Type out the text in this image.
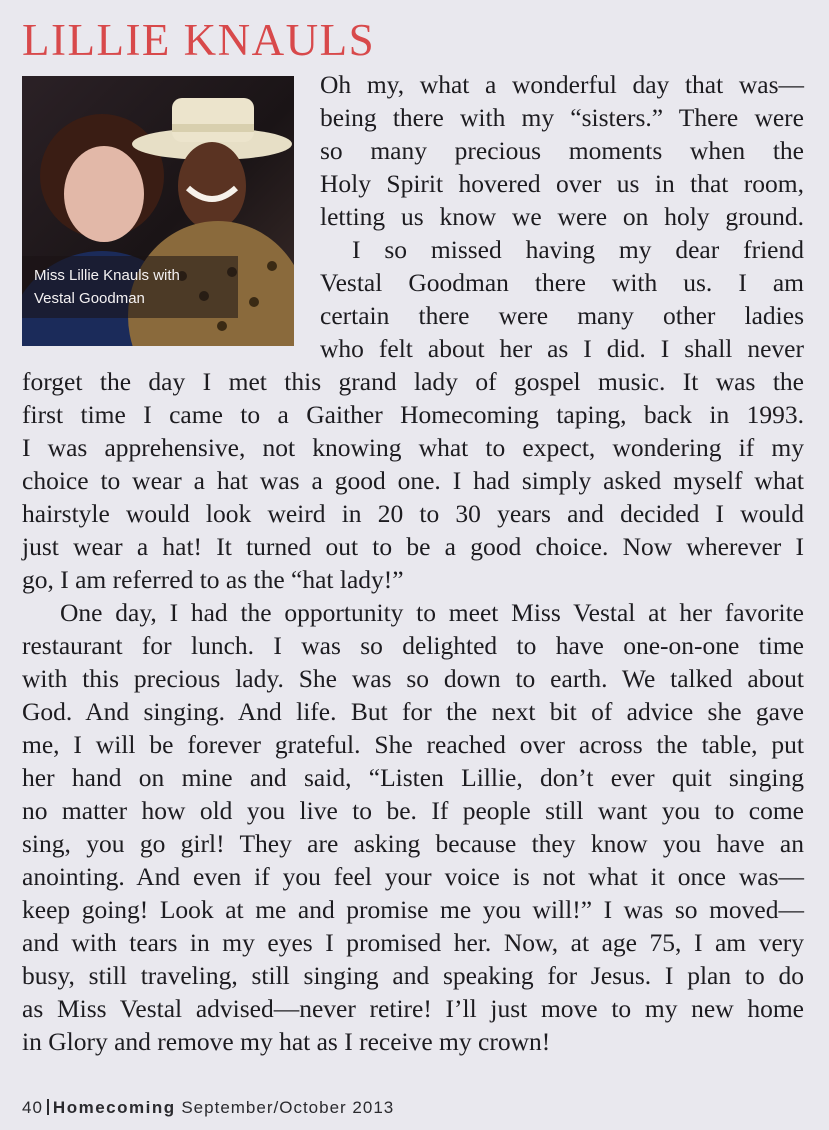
LILLIE KNAULS
Miss Lillie Knauls with
Vestal Goodman
Oh my, what a wonderful day that was—
being there with my “sisters.” There were
so many precious moments when the
Holy Spirit hovered over us in that room,
letting us know we were on holy ground.
I so missed having my dear friend
Vestal Goodman there with us. I am
certain there were many other ladies
who felt about her as I did. I shall never
forget the day I met this grand lady of gospel music. It was the
first time I came to a Gaither Homecoming taping, back in 1993.
I was apprehensive, not knowing what to expect, wondering if my
choice to wear a hat was a good one. I had simply asked myself what
hairstyle would look weird in 20 to 30 years and decided I would
just wear a hat! It turned out to be a good choice. Now wherever I
go, I am referred to as the “hat lady!”
One day, I had the opportunity to meet Miss Vestal at her favorite
restaurant for lunch. I was so delighted to have one-on-one time
with this precious lady. She was so down to earth. We talked about
God. And singing. And life. But for the next bit of advice she gave
me, I will be forever grateful. She reached over across the table, put
her hand on mine and said, “Listen Lillie, don’t ever quit singing
no matter how old you live to be. If people still want you to come
sing, you go girl! They are asking because they know you have an
anointing. And even if you feel your voice is not what it once was—
keep going! Look at me and promise me you will!” I was so moved—
and with tears in my eyes I promised her. Now, at age 75, I am very
busy, still traveling, still singing and speaking for Jesus. I plan to do
as Miss Vestal advised—never retire! I’ll just move to my new home
in Glory and remove my hat as I receive my crown!
40 Homecoming September/October 2013
